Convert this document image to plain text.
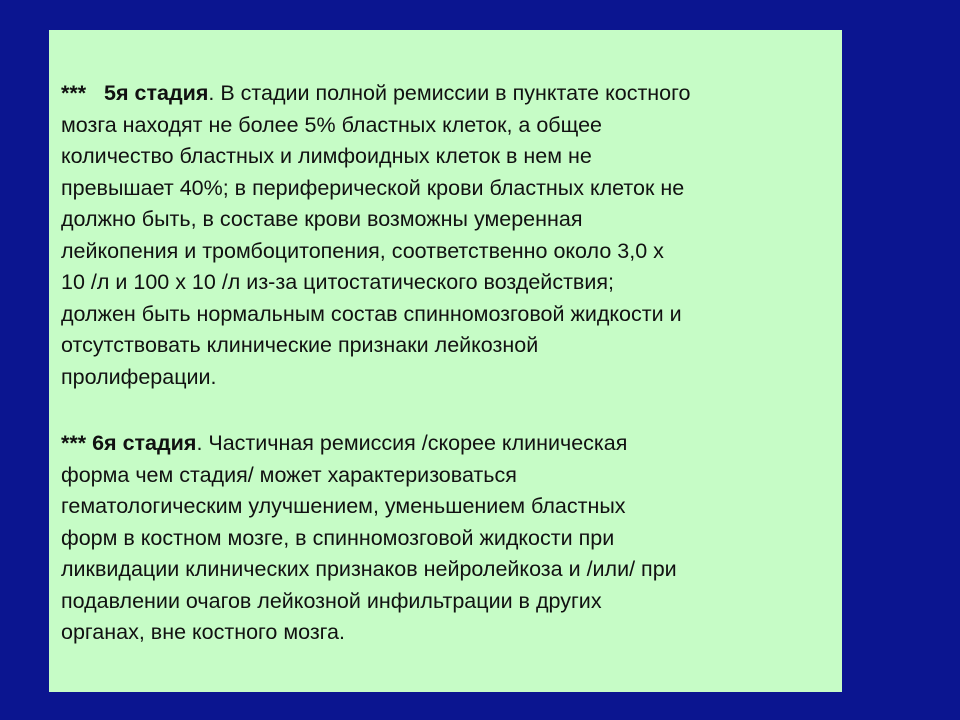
*** 5я стадия. В стадии полной ремиссии в пунктате костного
мозга находят не более 5% бластных клеток, а общее
количество бластных и лимфоидных клеток в нем не
превышает 40%; в периферической крови бластных клеток не
должно быть, в составе крови возможны умеренная
лейкопения и тромбоцитопения, соответственно около 3,0 х
10 /л и 100 х 10 /л из-за цитостатического воздействия;
должен быть нормальным состав спинномозговой жидкости и
отсутствовать клинические признаки лейкозной
пролиферации.
*** 6я стадия. Частичная ремиссия /скорее клиническая
форма чем стадия/ может характеризоваться
гематологическим улучшением, уменьшением бластных
форм в костном мозге, в спинномозговой жидкости при
ликвидации клинических признаков нейролейкоза и /или/ при
подавлении очагов лейкозной инфильтрации в других
органах, вне костного мозга.
